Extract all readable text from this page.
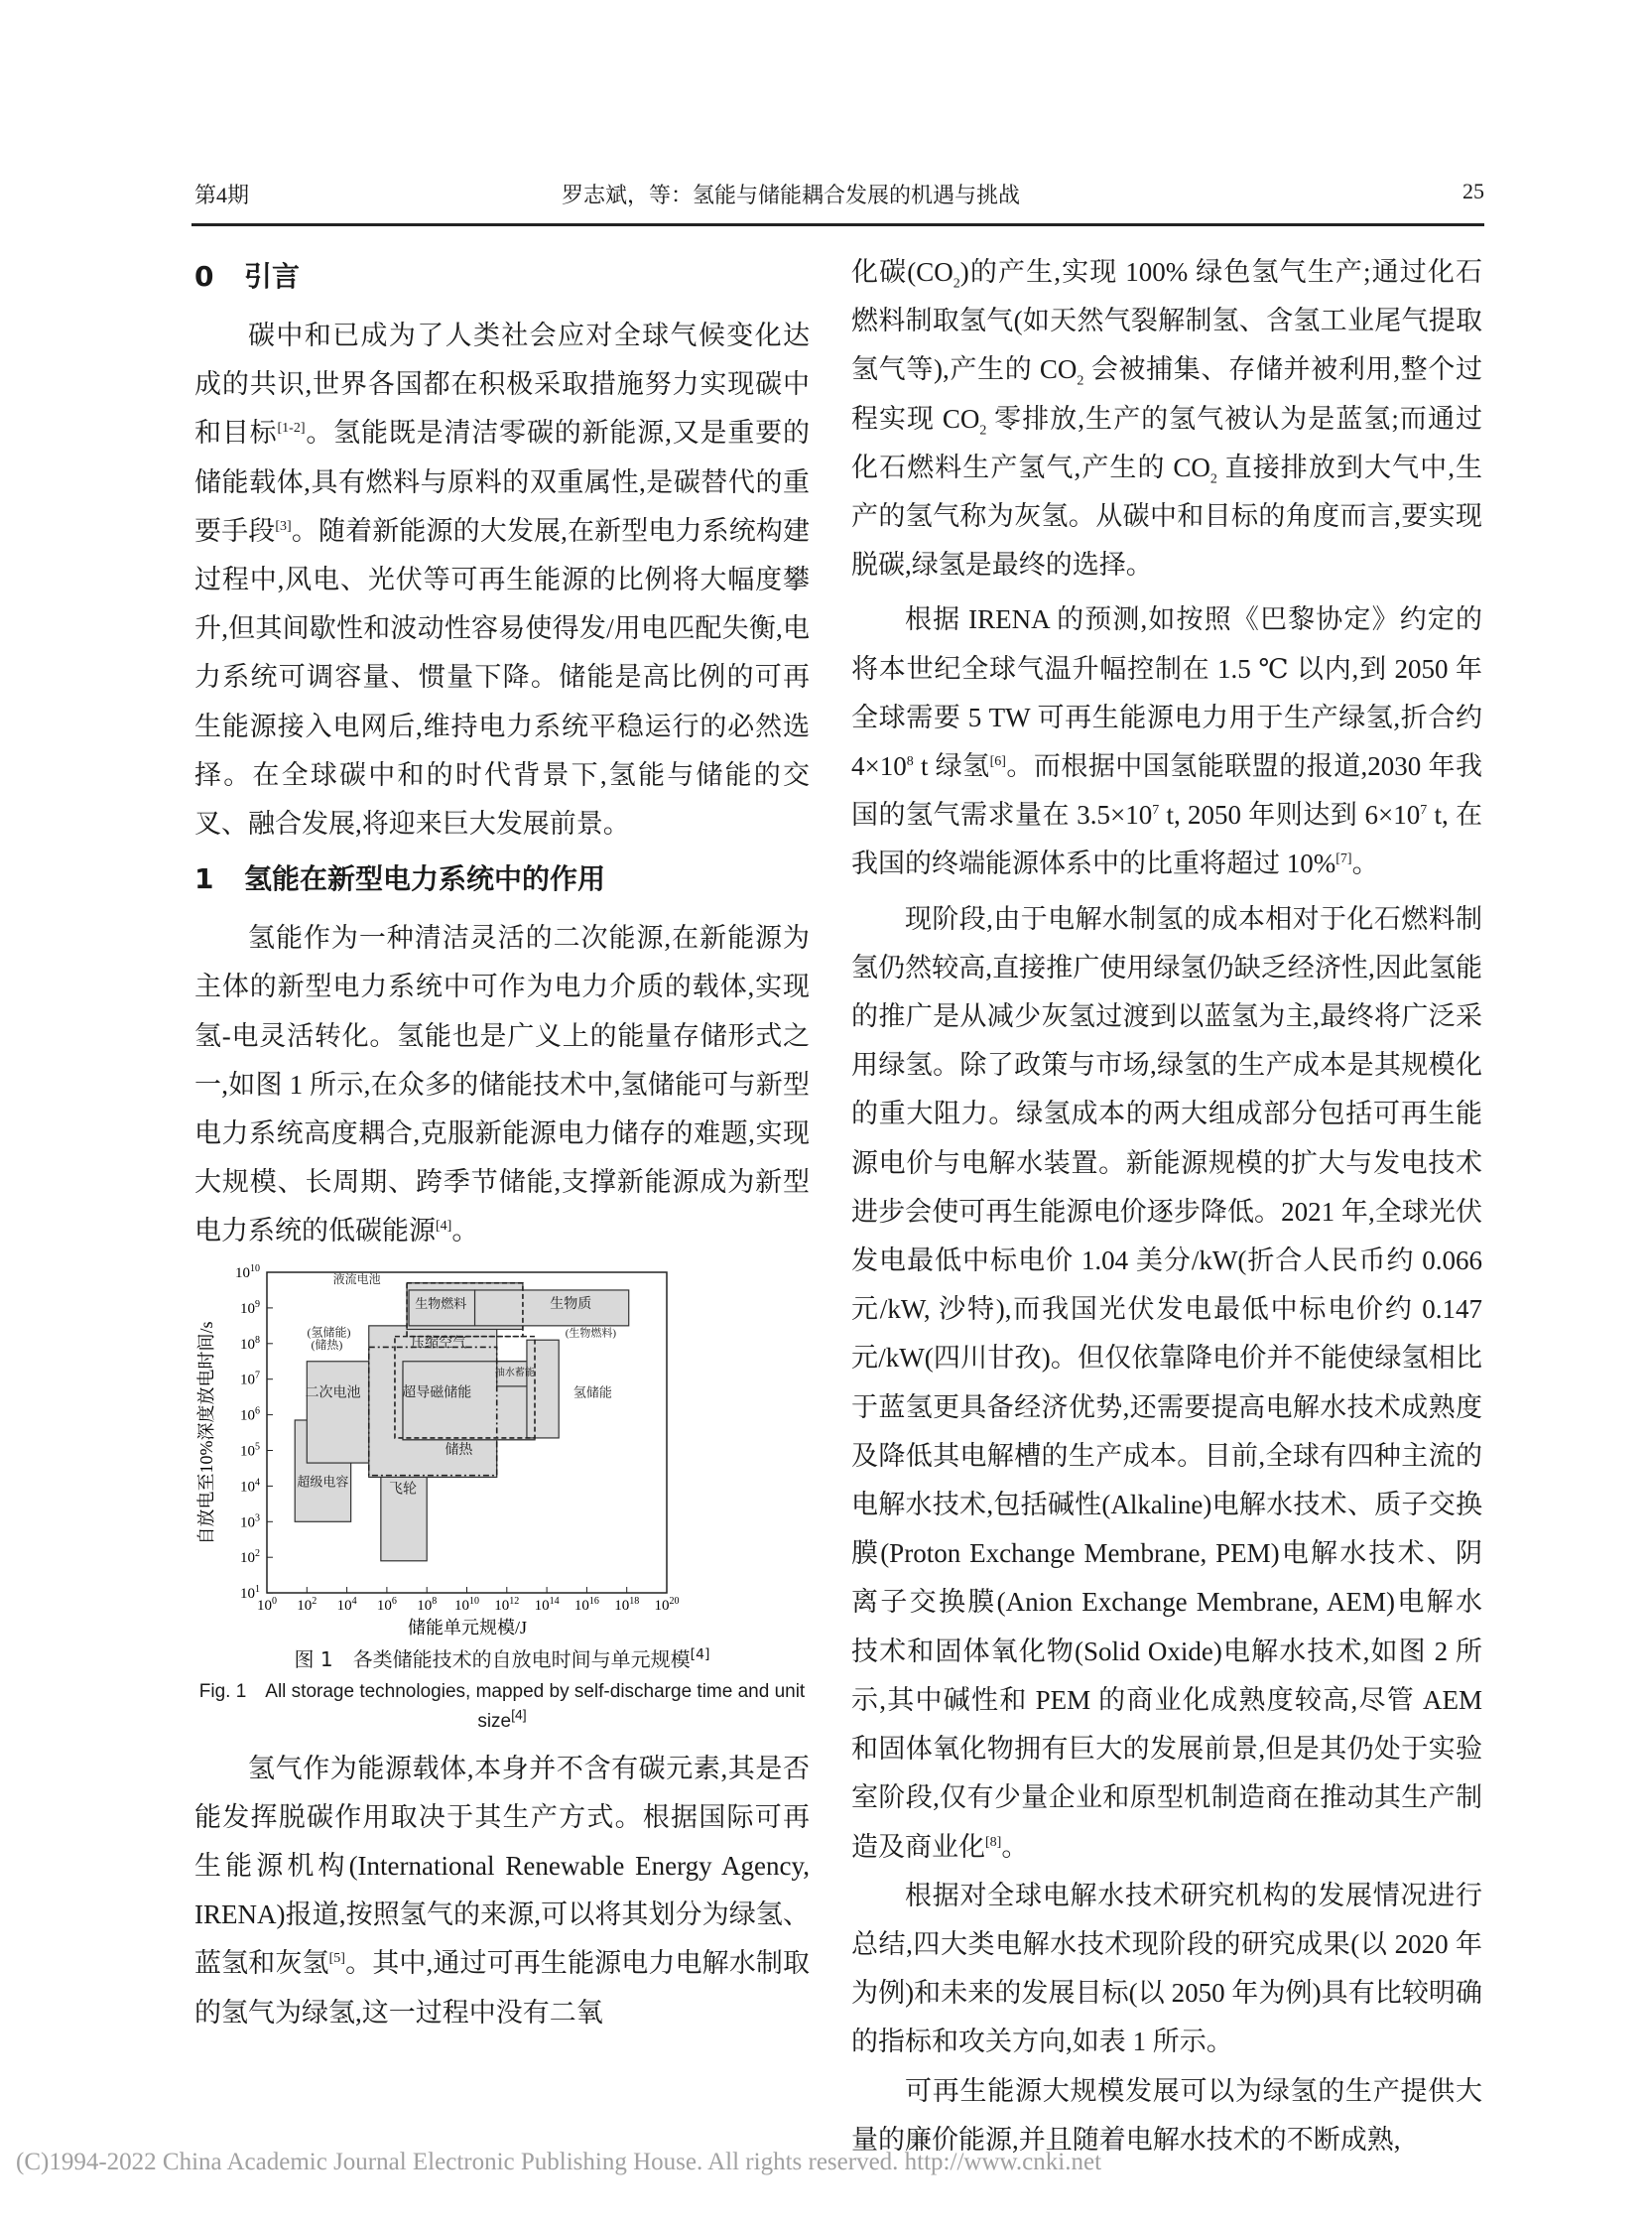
第4期	罗志斌，等：氢能与储能耦合发展的机遇与挑战	25
0 引言

碳中和已成为了人类社会应对全球气候变化达成的共识,世界各国都在积极采取措施努力实现碳中和目标[1-2]。氢能既是清洁零碳的新能源,又是重要的储能载体,具有燃料与原料的双重属性,是碳替代的重要手段[3]。随着新能源的大发展,在新型电力系统构建过程中,风电、光伏等可再生能源的比例将大幅度攀升,但其间歇性和波动性容易使得发/用电匹配失衡,电力系统可调容量、惯量下降。储能是高比例的可再生能源接入电网后,维持电力系统平稳运行的必然选择。在全球碳中和的时代背景下,氢能与储能的交叉、融合发展,将迎来巨大发展前景。

1 氢能在新型电力系统中的作用

氢能作为一种清洁灵活的二次能源,在新能源为主体的新型电力系统中可作为电力介质的载体,实现氢-电灵活转化。氢能也是广义上的能量存储形式之一,如图 1 所示,在众多的储能技术中,氢储能可与新型电力系统高度耦合,克服新能源电力储存的难题,实现大规模、长周期、跨季节储能,支撑新能源成为新型电力系统的低碳能源[4]。

$10^0$ $10^2$ $10^4$ $10^6$ $10^8$ $10^{10}$ $10^{12}$ $10^{14}$ $10^{16}$ $10^{18}$ $10^{20}$
$10^1$
$10^2$
$10^3$
$10^4$
$10^5$
$10^6$
$10^7$
$10^8$
$10^9$
$10^{10}$
超级电容
二次电池
飞轮
储热
超导磁储能
压缩空气
抽水蓄能
氢储能
液流电池
生物燃料	生物质
(氢储能)
(储热)
(生物燃料)
自放电至10%深度放电时间/s
储能单元规模/J
图 1　各类储能技术的自放电时间与单元规模[4]
Fig. 1　All storage technologies, mapped by self-discharge time and unit size[4]

氢气作为能源载体,本身并不含有碳元素,其是否能发挥脱碳作用取决于其生产方式。根据国际可再生能源机构(International Renewable Energy Agency, IRENA)报道,按照氢气的来源,可以将其划分为绿氢、蓝氢和灰氢[5]。其中,通过可再生能源电力电解水制取的氢气为绿氢,这一过程中没有二氧

化碳$(CO_2)$的产生,实现 100% 绿色氢气生产;通过化石燃料制取氢气(如天然气裂解制氢、含氢工业尾气提取氢气等),产生的 $CO_2$ 会被捕集、存储并被利用,整个过程实现 $CO_2$ 零排放,生产的氢气被认为是蓝氢;而通过化石燃料生产氢气,产生的 $CO_2$ 直接排放到大气中,生产的氢气称为灰氢。从碳中和目标的角度而言,要实现脱碳,绿氢是最终的选择。

根据 IRENA 的预测,如按照《巴黎协定》约定的将本世纪全球气温升幅控制在 1.5 ℃ 以内,到 2050 年全球需要 5 TW 可再生能源电力用于生产绿氢,折合约 $4\times 10^8$ t 绿氢[6]。而根据中国氢能联盟的报道,2030 年我国的氢气需求量在 $3.5\times 10^7$ t, 2050 年则达到 $6\times 10^7$ t, 在我国的终端能源体系中的比重将超过 10%[7]。

现阶段,由于电解水制氢的成本相对于化石燃料制氢仍然较高,直接推广使用绿氢仍缺乏经济性,因此氢能的推广是从减少灰氢过渡到以蓝氢为主,最终将广泛采用绿氢。除了政策与市场,绿氢的生产成本是其规模化的重大阻力。绿氢成本的两大组成部分包括可再生能源电价与电解水装置。新能源规模的扩大与发电技术进步会使可再生能源电价逐步降低。2021 年,全球光伏发电最低中标电价 1.04 美分/kW(折合人民币约 0.066 元/kW, 沙特),而我国光伏发电最低中标电价约 0.147 元/kW(四川甘孜)。但仅依靠降电价并不能使绿氢相比于蓝氢更具备经济优势,还需要提高电解水技术成熟度及降低其电解槽的生产成本。目前,全球有四种主流的电解水技术,包括碱性(Alkaline)电解水技术、质子交换膜(Proton Exchange Membrane, PEM)电解水技术、阴离子交换膜(Anion Exchange Membrane, AEM)电解水技术和固体氧化物(Solid Oxide)电解水技术,如图 2 所示,其中碱性和 PEM 的商业化成熟度较高,尽管 AEM 和固体氧化物拥有巨大的发展前景,但是其仍处于实验室阶段,仅有少量企业和原型机制造商在推动其生产制造及商业化[8]。

根据对全球电解水技术研究机构的发展情况进行总结,四大类电解水技术现阶段的研究成果(以 2020 年为例)和未来的发展目标(以 2050 年为例)具有比较明确的指标和攻关方向,如表 1 所示。

可再生能源大规模发展可以为绿氢的生产提供大量的廉价能源,并且随着电解水技术的不断成熟,

(C)1994-2022 China Academic Journal Electronic Publishing House. All rights reserved. http://www.cnki.net
